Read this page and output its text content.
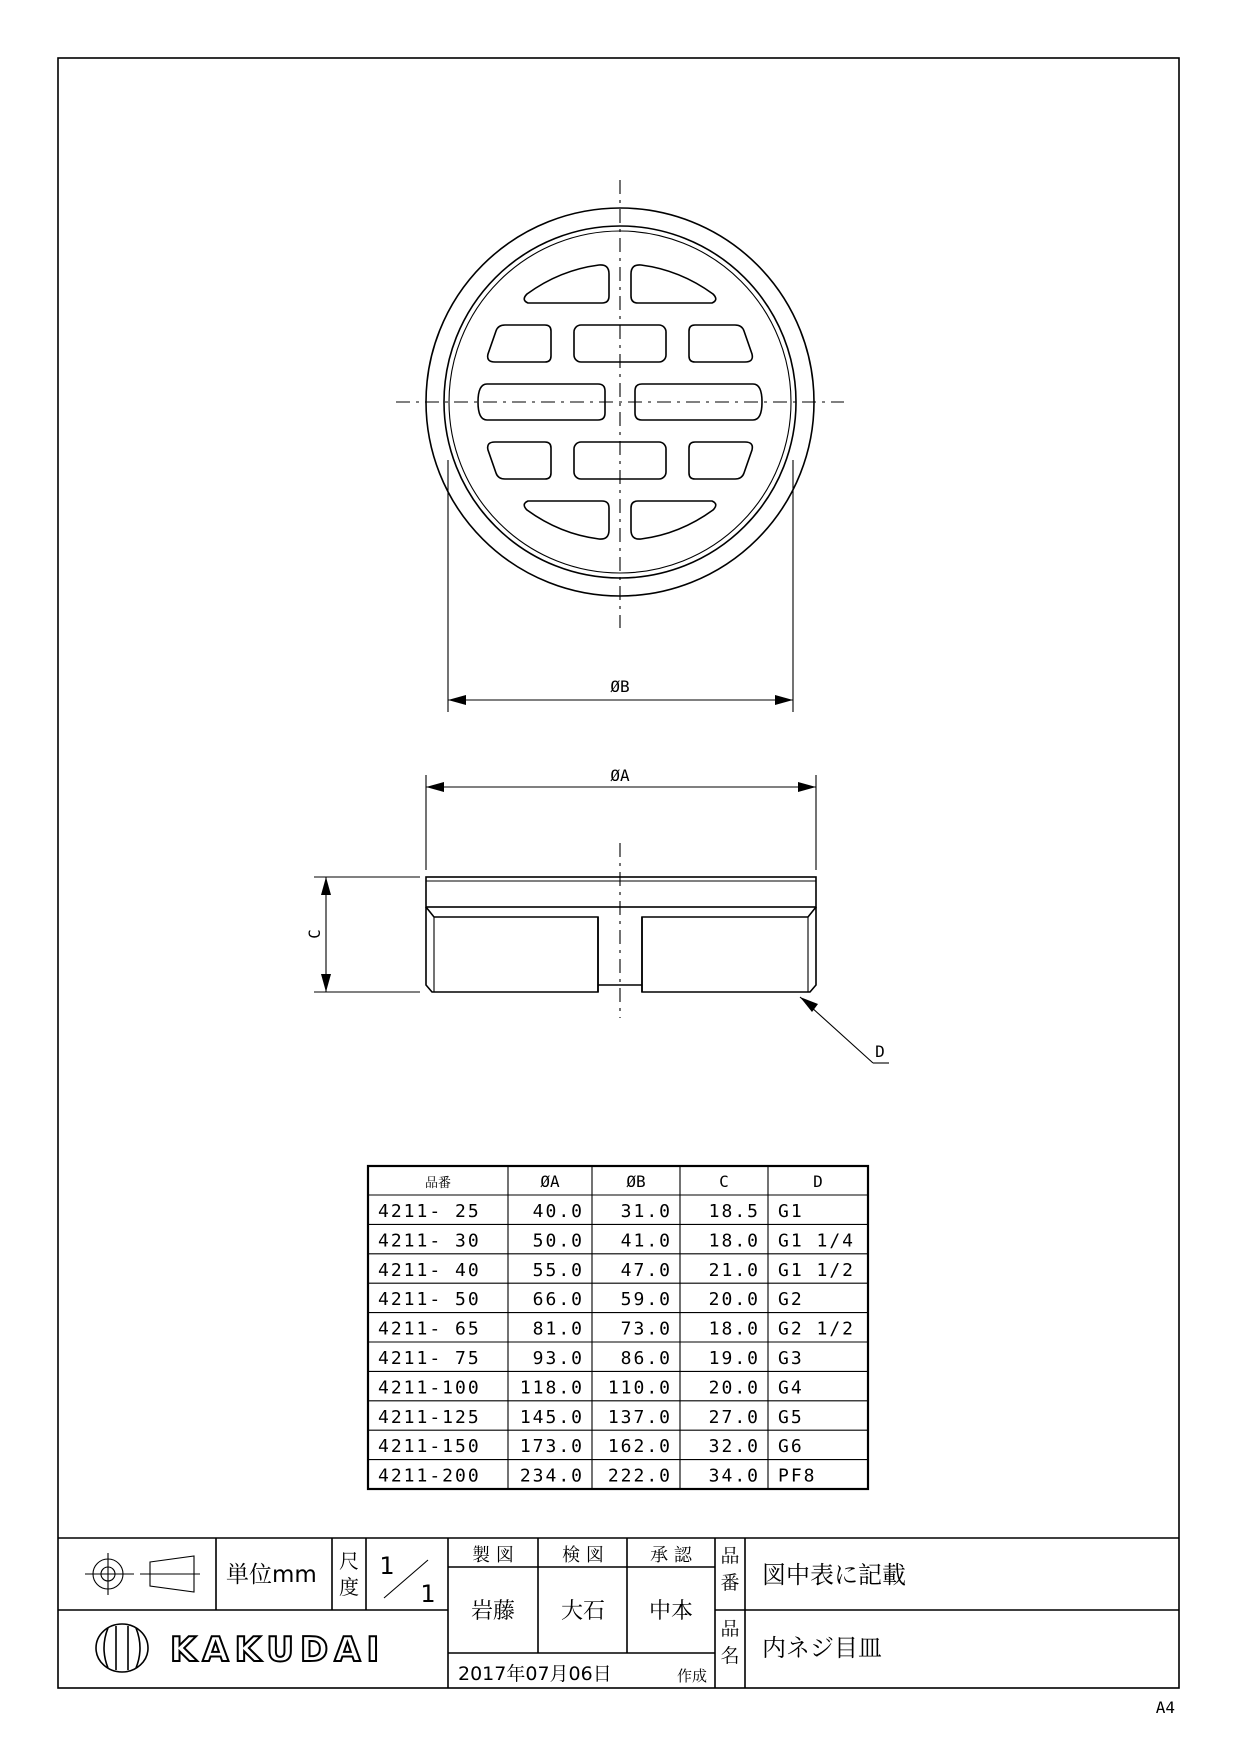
ØB
ØA
C
D
品番	ØA	ØB	C	D
4211- 25	40.0 31.0 18.5 G1
4211- 30	50.0 41.0 18.0 G1 1/4
4211- 40	55.0 47.0 21.0 G1 1/2
4211- 50	66.0 59.0 20.0 G2
4211- 65	81.0 73.0 18.0 G2 1/2
4211- 75	93.0 86.0 19.0 G3
4211-100 118.0 110.0 20.0 G4
4211-125 145.0 137.0 27.0 G5
4211-150 173.0 162.0 32.0 G6
4211-200 234.0 222.0 34.0 PF8
単位mm
尺
度
1
1
製 図	検 図	承 認
岩藤 大石 中本
2017年07月06日	作成
品
番 図中表に記載
品
名 内ネジ目皿
KAKUDAI
A4
